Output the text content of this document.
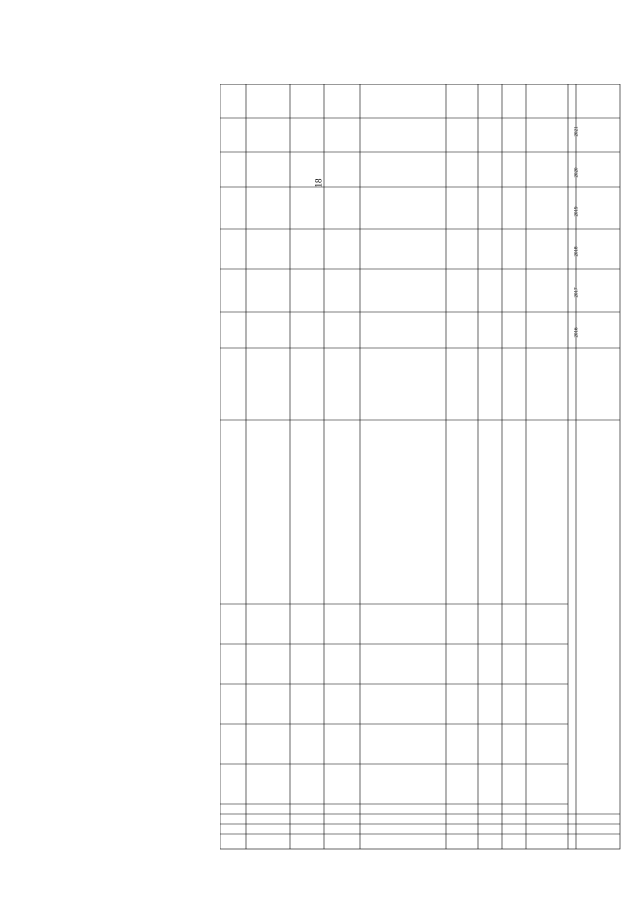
18
2021
2020
2019
2018
2017
2016
